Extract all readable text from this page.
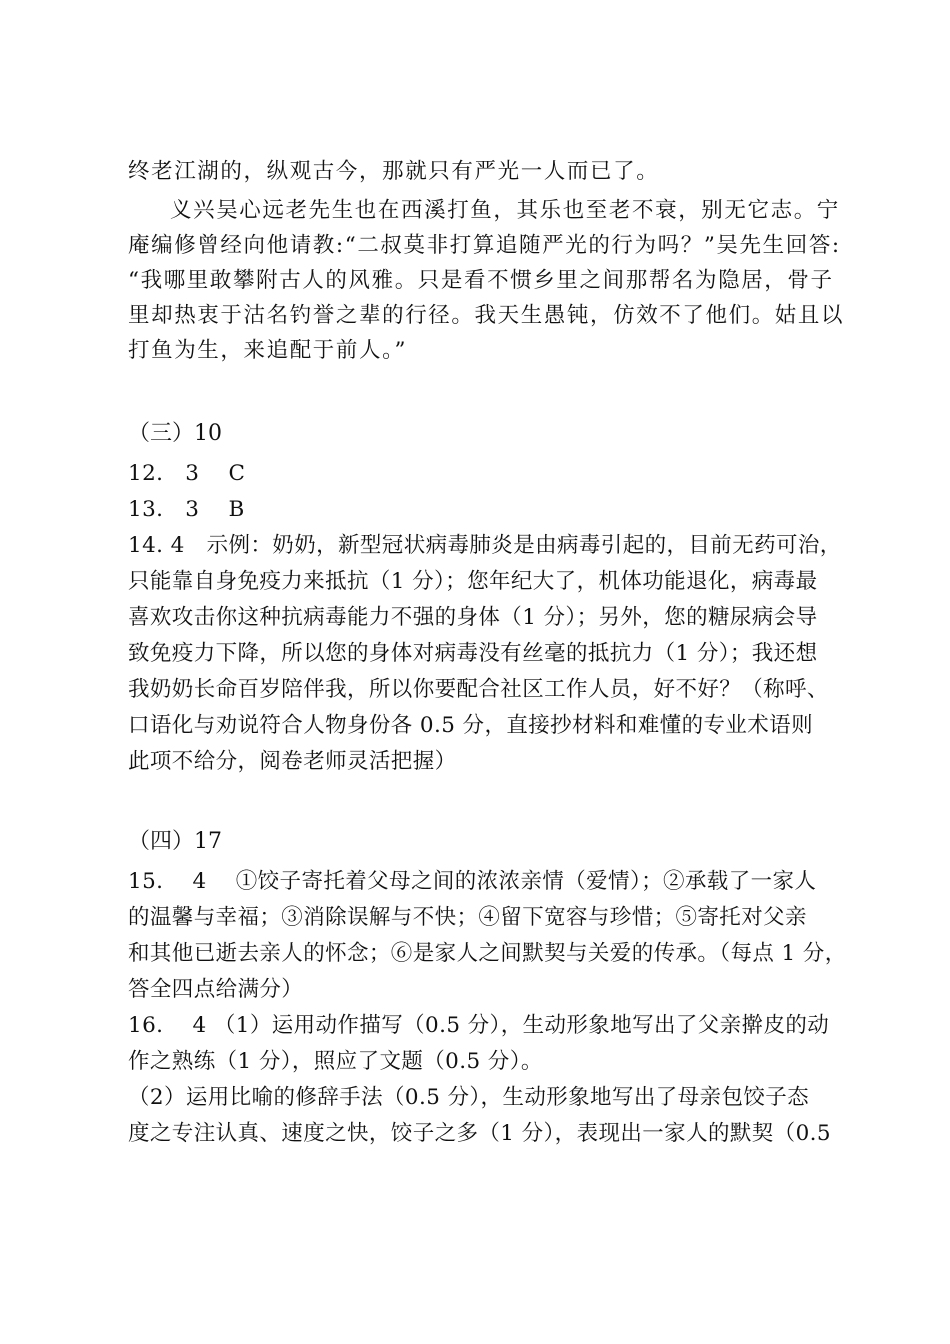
终老江湖的，纵观古今，那就只有严光一人而已了。
义兴吴心远老先生也在西溪打鱼，其乐也至老不衰，别无它志。宁
庵编修曾经向他请教:“二叔莫非打算追随严光的行为吗？”吴先生回答:
“我哪里敢攀附古人的风雅。只是看不惯乡里之间那帮名为隐居，骨子
里却热衷于沽名钓誉之辈的行径。我天生愚钝，仿效不了他们。姑且以
打鱼为生，来追配于前人。”
（三）10
12.　3　 C
13.　3　 B
14. 4　示例：奶奶，新型冠状病毒肺炎是由病毒引起的，目前无药可治，
只能靠自身免疫力来抵抗（1 分）；您年纪大了，机体功能退化，病毒最
喜欢攻击你这种抗病毒能力不强的身体（1 分）；另外，您的糖尿病会导
致免疫力下降，所以您的身体对病毒没有丝毫的抵抗力（1 分）；我还想
我奶奶长命百岁陪伴我，所以你要配合社区工作人员，好不好？（称呼、
口语化与劝说符合人物身份各 0.5 分，直接抄材料和难懂的专业术语则
此项不给分，阅卷老师灵活把握）
（四）17
15.　 4　 ①饺子寄托着父母之间的浓浓亲情（爱情）；②承载了一家人
的温馨与幸福；③消除误解与不快；④留下宽容与珍惜；⑤寄托对父亲
和其他已逝去亲人的怀念；⑥是家人之间默契与关爱的传承。（每点 1 分，
答全四点给满分）
16.　 4 （1）运用动作描写（0.5 分），生动形象地写出了父亲擀皮的动
作之熟练（1 分），照应了文题（0.5 分）。
（2）运用比喻的修辞手法（0.5 分），生动形象地写出了母亲包饺子态
度之专注认真、速度之快，饺子之多（1 分），表现出一家人的默契（0.5
